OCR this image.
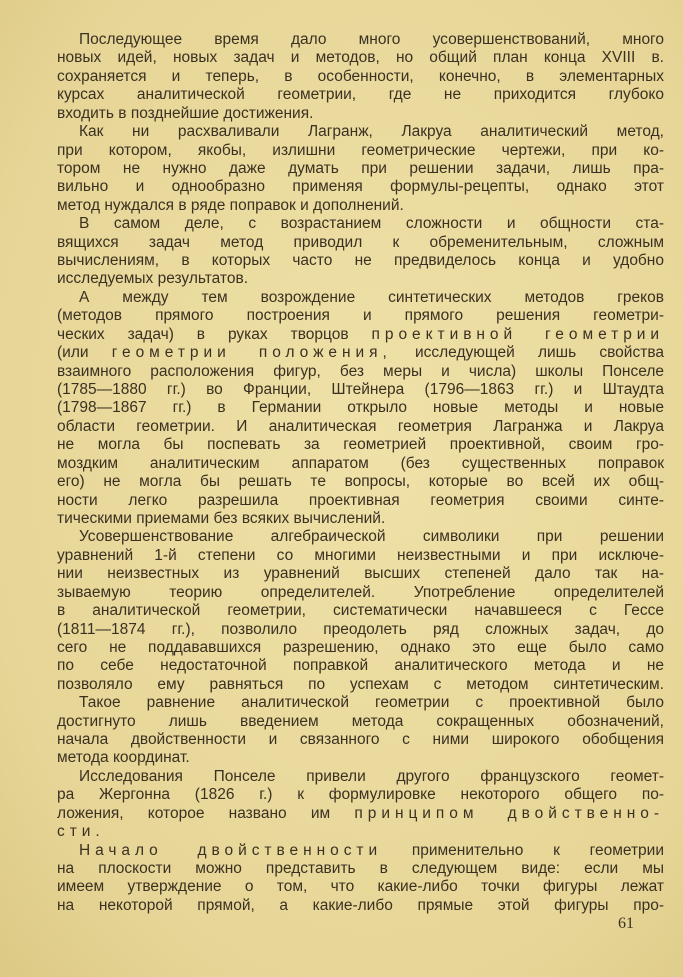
Последующее время дало много усовершенствований, много
новых идей, новых задач и методов, но общий план конца XVIII в.
сохраняется и теперь, в особенности, конечно, в элементарных
курсах аналитической геометрии, где не приходится глубоко
входить в позднейшие достижения.
Как ни расхваливали Лагранж, Лакруа аналитический метод,
при котором, якобы, излишни геометрические чертежи, при ко-
тором не нужно даже думать при решении задачи, лишь пра-
вильно и однообразно применяя формулы-рецепты, однако этот
метод нуждался в ряде поправок и дополнений.
В самом деле, с возрастанием сложности и общности ста-
вящихся задач метод приводил к обременительным, сложным
вычислениям, в которых часто не предвиделось конца и удобно
исследуемых результатов.
А между тем возрождение синтетических методов греков
(методов прямого построения и прямого решения геометри-
ческих задач) в руках творцов проективной геометрии
(или геометрии положения, исследующей лишь свойства
взаимного расположения фигур, без меры и числа) школы Понселе
(1785—1880 гг.) во Франции, Штейнера (1796—1863 гг.) и Штаудта
(1798—1867 гг.) в Германии открыло новые методы и новые
области геометрии. И аналитическая геометрия Лагранжа и Лакруа
не могла бы поспевать за геометрией проективной, своим гро-
моздким аналитическим аппаратом (без существенных поправок
его) не могла бы решать те вопросы, которые во всей их общ-
ности легко разрешила проективная геометрия своими синте-
тическими приемами без всяких вычислений.
Усовершенствование алгебраической символики при решении
уравнений 1-й степени со многими неизвестными и при исключе-
нии неизвестных из уравнений высших степеней дало так на-
зываемую теорию определителей. Употребление определителей
в аналитической геометрии, систематически начавшееся с Гессе
(1811—1874 гг.), позволило преодолеть ряд сложных задач, до
сего не поддававшихся разрешению, однако это еще было само
по себе недостаточной поправкой аналитического метода и не
позволяло ему равняться по успехам с методом синтетическим.
Такое равнение аналитической геометрии с проективной было
достигнуто лишь введением метода сокращенных обозначений,
начала двойственности и связанного с ними широкого обобщения
метода координат.
Исследования Понселе привели другого французского геомет-
ра Жергонна (1826 г.) к формулировке некоторого общего по-
ложения, которое названо им принципом двойственно-
сти.
Начало двойственности применительно к геометрии
на плоскости можно представить в следующем виде: если мы
имеем утверждение о том, что какие-либо точки фигуры лежат
на некоторой прямой, а какие-либо прямые этой фигуры про-
61
